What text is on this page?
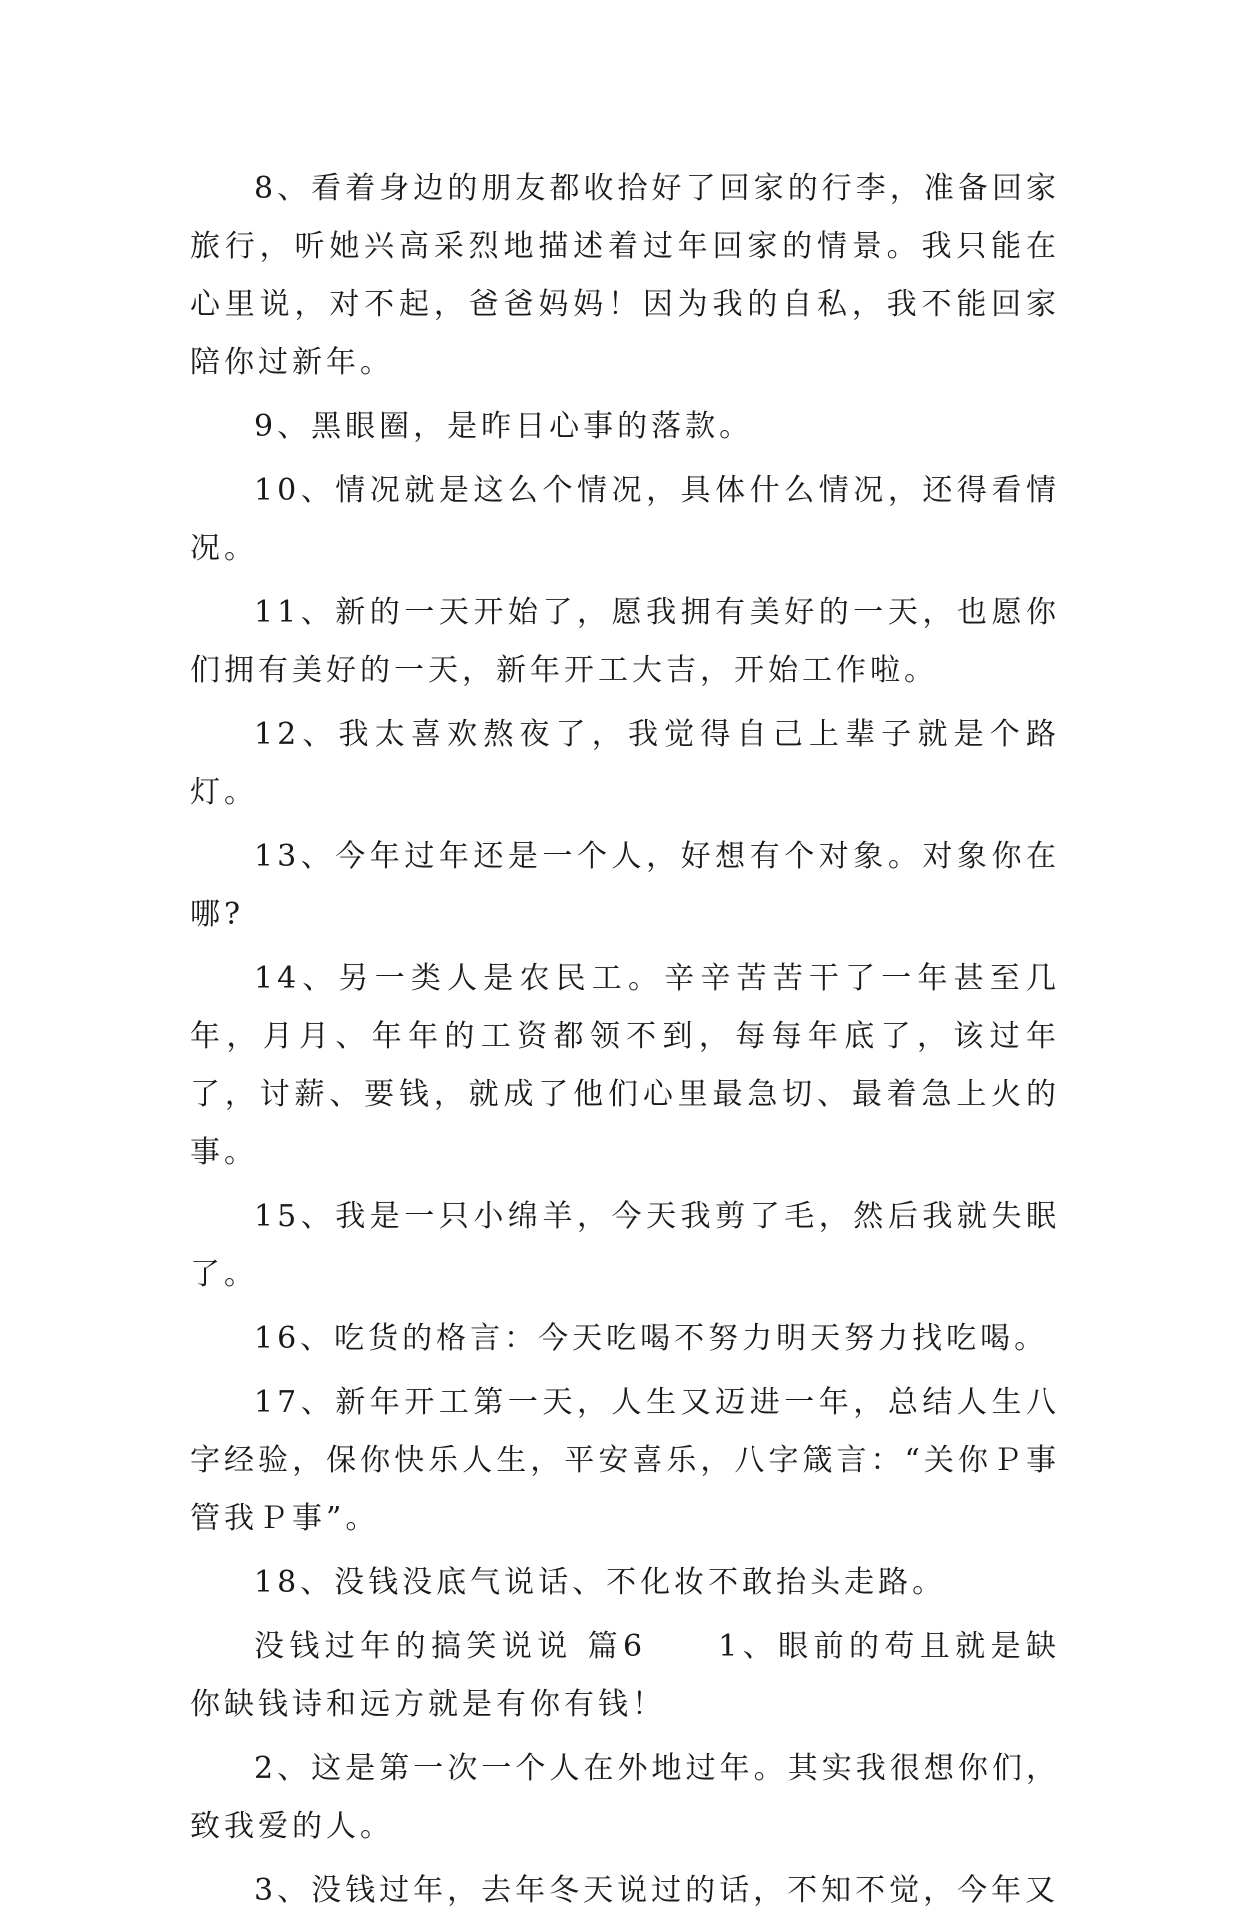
8、看着身边的朋友都收拾好了回家的行李，准备回家旅行，听她兴高采烈地描述着过年回家的情景。我只能在心里说，对不起，爸爸妈妈！因为我的自私，我不能回家陪你过新年。

9、黑眼圈，是昨日心事的落款。

10、情况就是这么个情况，具体什么情况，还得看情况。

11、新的一天开始了，愿我拥有美好的一天，也愿你们拥有美好的一天，新年开工大吉，开始工作啦。

12、我太喜欢熬夜了，我觉得自己上辈子就是个路灯。

13、今年过年还是一个人，好想有个对象。对象你在哪?

14、另一类人是农民工。辛辛苦苦干了一年甚至几年，月月、年年的工资都领不到，每每年底了，该过年了，讨薪、要钱，就成了他们心里最急切、最着急上火的事。

15、我是一只小绵羊，今天我剪了毛，然后我就失眠了。

16、吃货的格言：今天吃喝不努力明天努力找吃喝。

17、新年开工第一天，人生又迈进一年，总结人生八字经验，保你快乐人生，平安喜乐，八字箴言：“关你Ｐ事管我Ｐ事”。

18、没钱没底气说话、不化妆不敢抬头走路。

没钱过年的搞笑说说 篇6　　1、眼前的苟且就是缺你缺钱诗和远方就是有你有钱！

2、这是第一次一个人在外地过年。其实我很想你们，致我爱的人。

3、没钱过年，去年冬天说过的话，不知不觉，今年又
